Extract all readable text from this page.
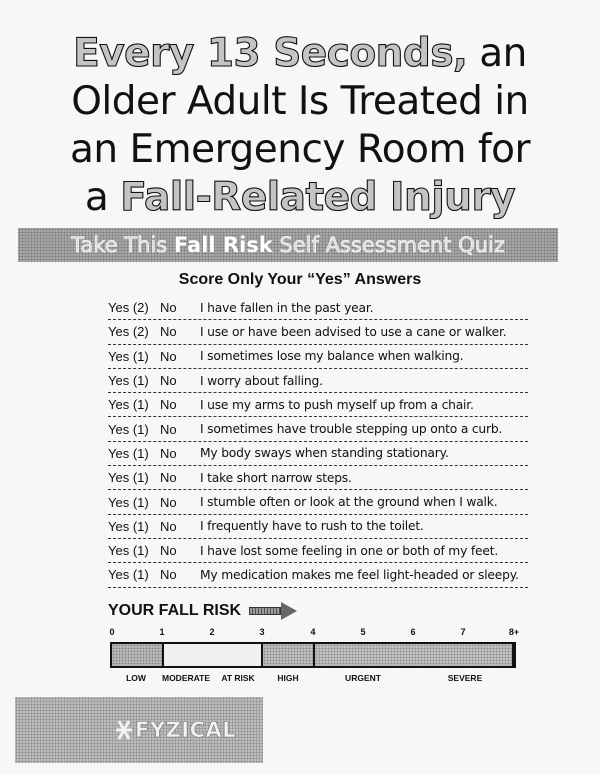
Every 13 Seconds, an
Older Adult Is Treated in
an Emergency Room for
a Fall-Related Injury
Take This Fall Risk Self Assessment Quiz
Score Only Your “Yes” Answers
Yes (2) No	I have fallen in the past year.
Yes (2) No	I use or have been advised to use a cane or walker.
Yes (1) No	I sometimes lose my balance when walking.
Yes (1) No	I worry about falling.
Yes (1) No	I use my arms to push myself up from a chair.
Yes (1) No	I sometimes have trouble stepping up onto a curb.
Yes (1) No	My body sways when standing stationary.
Yes (1) No	I take short narrow steps.
Yes (1) No	I stumble often or look at the ground when I walk.
Yes (1) No	I frequently have to rush to the toilet.
Yes (1) No	I have lost some feeling in one or both of my feet.
Yes (1) No	My medication makes me feel light-headed or sleepy.
YOUR FALL RISK
0	1	2	3	4	5	6	7	8+
LOW MODERATE AT RISK	HIGH	URGENT	SEVERE
FYZICAL
